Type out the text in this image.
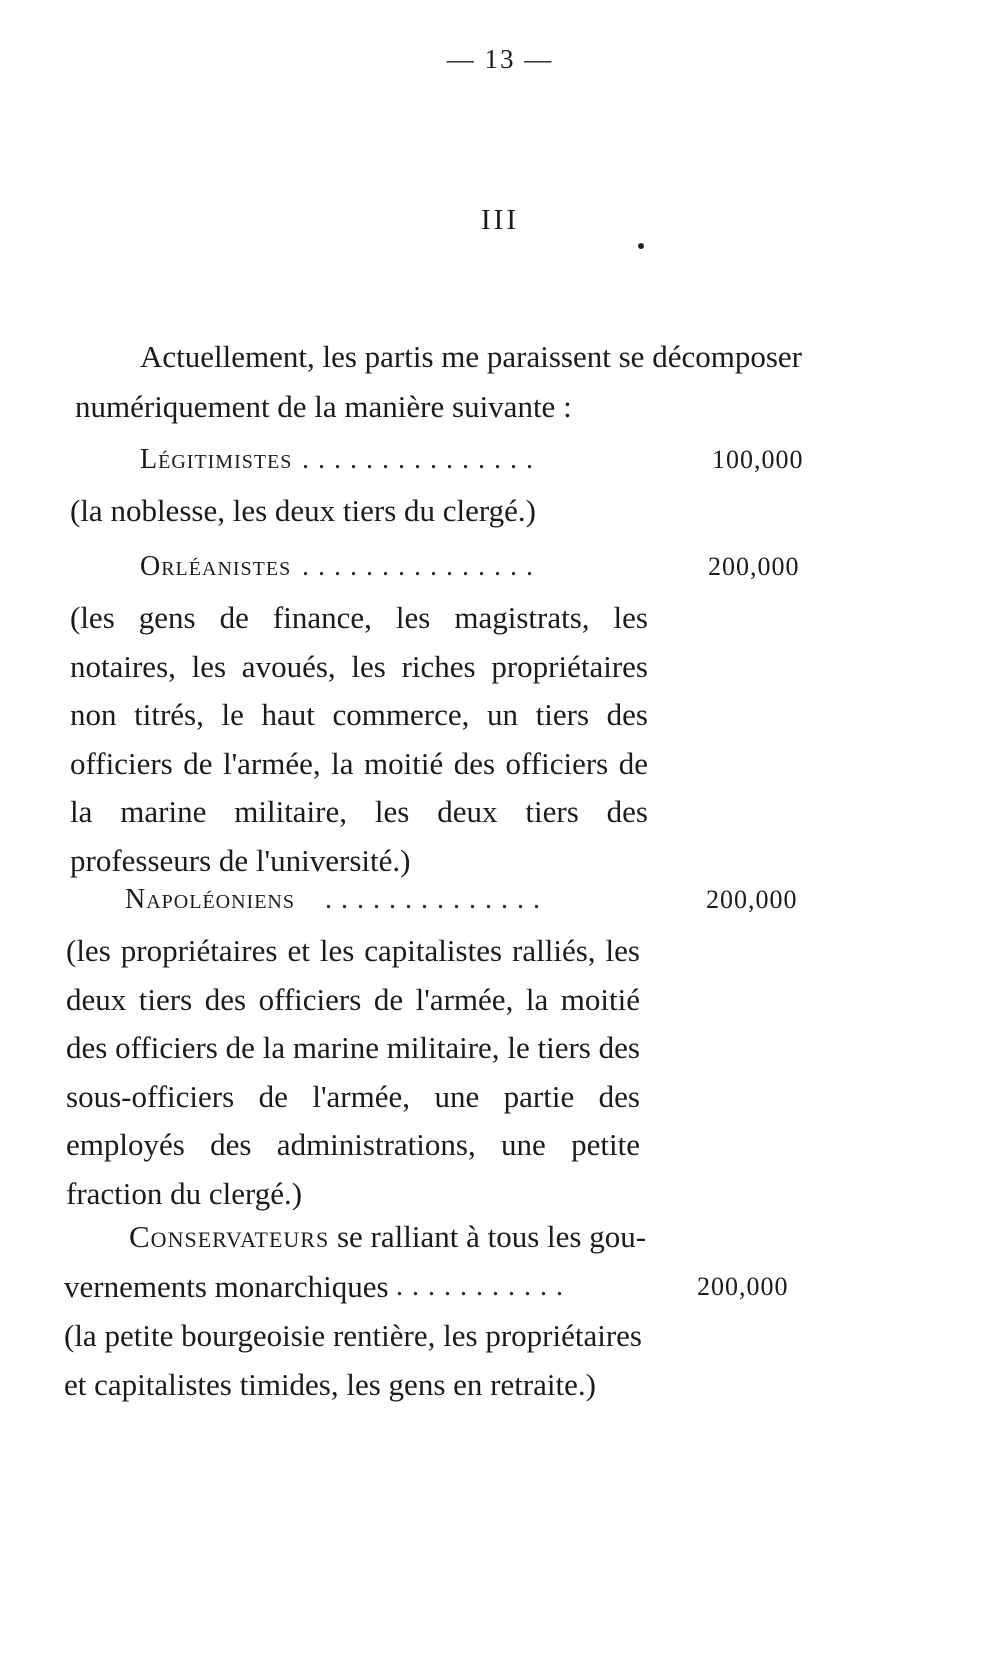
— 13 —
III

Actuellement, les partis me paraissent se décomposer numériquement de la manière suivante :

Légitimistes ...............	100,000

(la noblesse, les deux tiers du clergé.)

Orléanistes ...............	200,000

(les gens de finance, les magistrats, les notaires, les avoués, les riches propriétaires non titrés, le haut commerce, un tiers des officiers de l'armée, la moitié des officiers de la marine militaire, les deux tiers des professeurs de l'université.)

Napoléoniens ..............	200,000

(les propriétaires et les capitalistes ralliés, les deux tiers des officiers de l'armée, la moitié des officiers de la marine militaire, le tiers des sous-officiers de l'armée, une partie des employés des administrations, une petite fraction du clergé.)

Conservateurs se ralliant à tous les gou-

vernements monarchiques ...........	200,000

(la petite bourgeoisie rentière, les propriétaires et capitalistes timides, les gens en retraite.)
